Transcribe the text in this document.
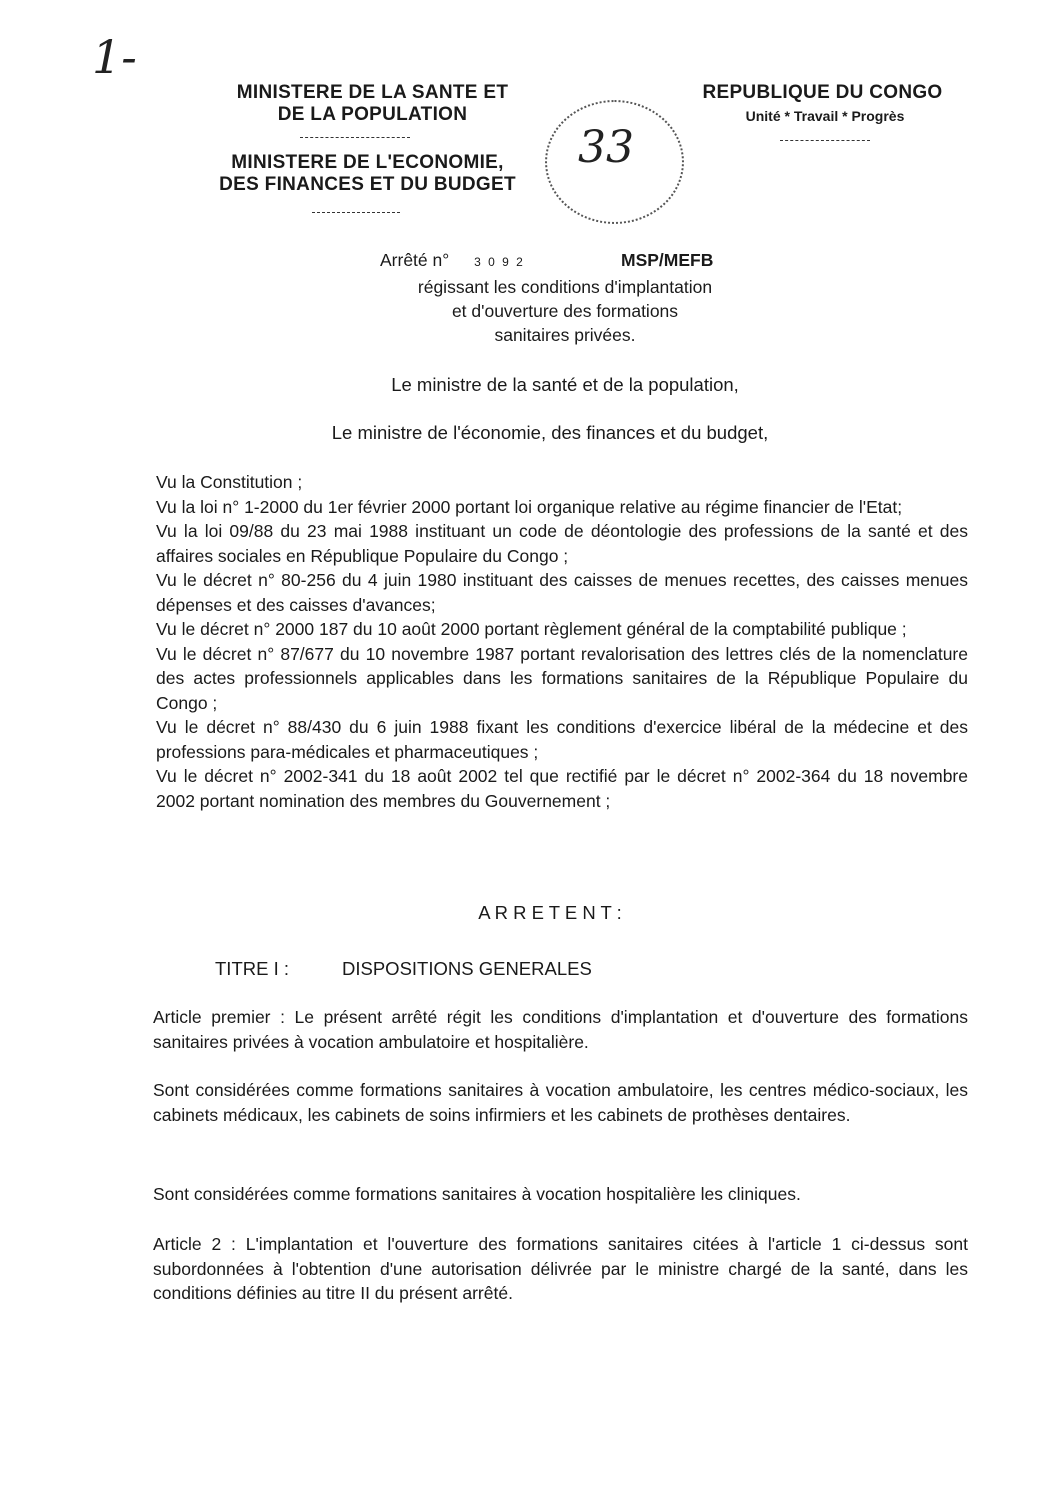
1-
MINISTERE DE LA SANTE ET
DE LA POPULATION
MINISTERE DE L'ECONOMIE,
DES FINANCES ET DU BUDGET
33
REPUBLIQUE DU CONGO
Unité * Travail * Progrès
Arrêté n° 3 0 9 2	MSP/MEFB
régissant les conditions d'implantation
et d'ouverture des formations
sanitaires privées.
Le ministre de la santé et de la population,
Le ministre de l'économie, des finances et du budget,

Vu la Constitution ;

Vu la loi n° 1-2000 du 1er février 2000 portant loi organique relative au régime financier de l'Etat;

Vu la loi 09/88 du 23 mai 1988 instituant un code de déontologie des professions de la santé et des affaires sociales en République Populaire du Congo ;

Vu le décret n° 80-256 du 4 juin 1980 instituant des caisses de menues recettes, des caisses menues dépenses et des caisses d'avances;

Vu le décret n° 2000 187 du 10 août 2000 portant règlement général de la comptabilité publique ;

Vu le décret n° 87/677 du 10 novembre 1987 portant revalorisation des lettres clés de la nomenclature des actes professionnels applicables dans les formations sanitaires de la République Populaire du Congo ;

Vu le décret n° 88/430 du 6 juin 1988 fixant les conditions d'exercice libéral de la médecine et des professions para-médicales et pharmaceutiques ;

Vu le décret n° 2002-341 du 18 août 2002 tel que rectifié par le décret n° 2002-364 du 18 novembre 2002 portant nomination des membres du Gouvernement ;

A R R E T E N T :
TITRE I :	DISPOSITIONS GENERALES

Article premier : Le présent arrêté régit les conditions d'implantation et d'ouverture des formations sanitaires privées à vocation ambulatoire et hospitalière.

Sont considérées comme formations sanitaires à vocation ambulatoire, les centres médico-sociaux, les cabinets médicaux, les cabinets de soins infirmiers et les cabinets de prothèses dentaires.

Sont considérées comme formations sanitaires à vocation hospitalière les cliniques.

Article 2 : L'implantation et l'ouverture des formations sanitaires citées à l'article 1 ci-dessus sont subordonnées à l'obtention d'une autorisation délivrée par le ministre chargé de la santé, dans les conditions définies au titre II du présent arrêté.
